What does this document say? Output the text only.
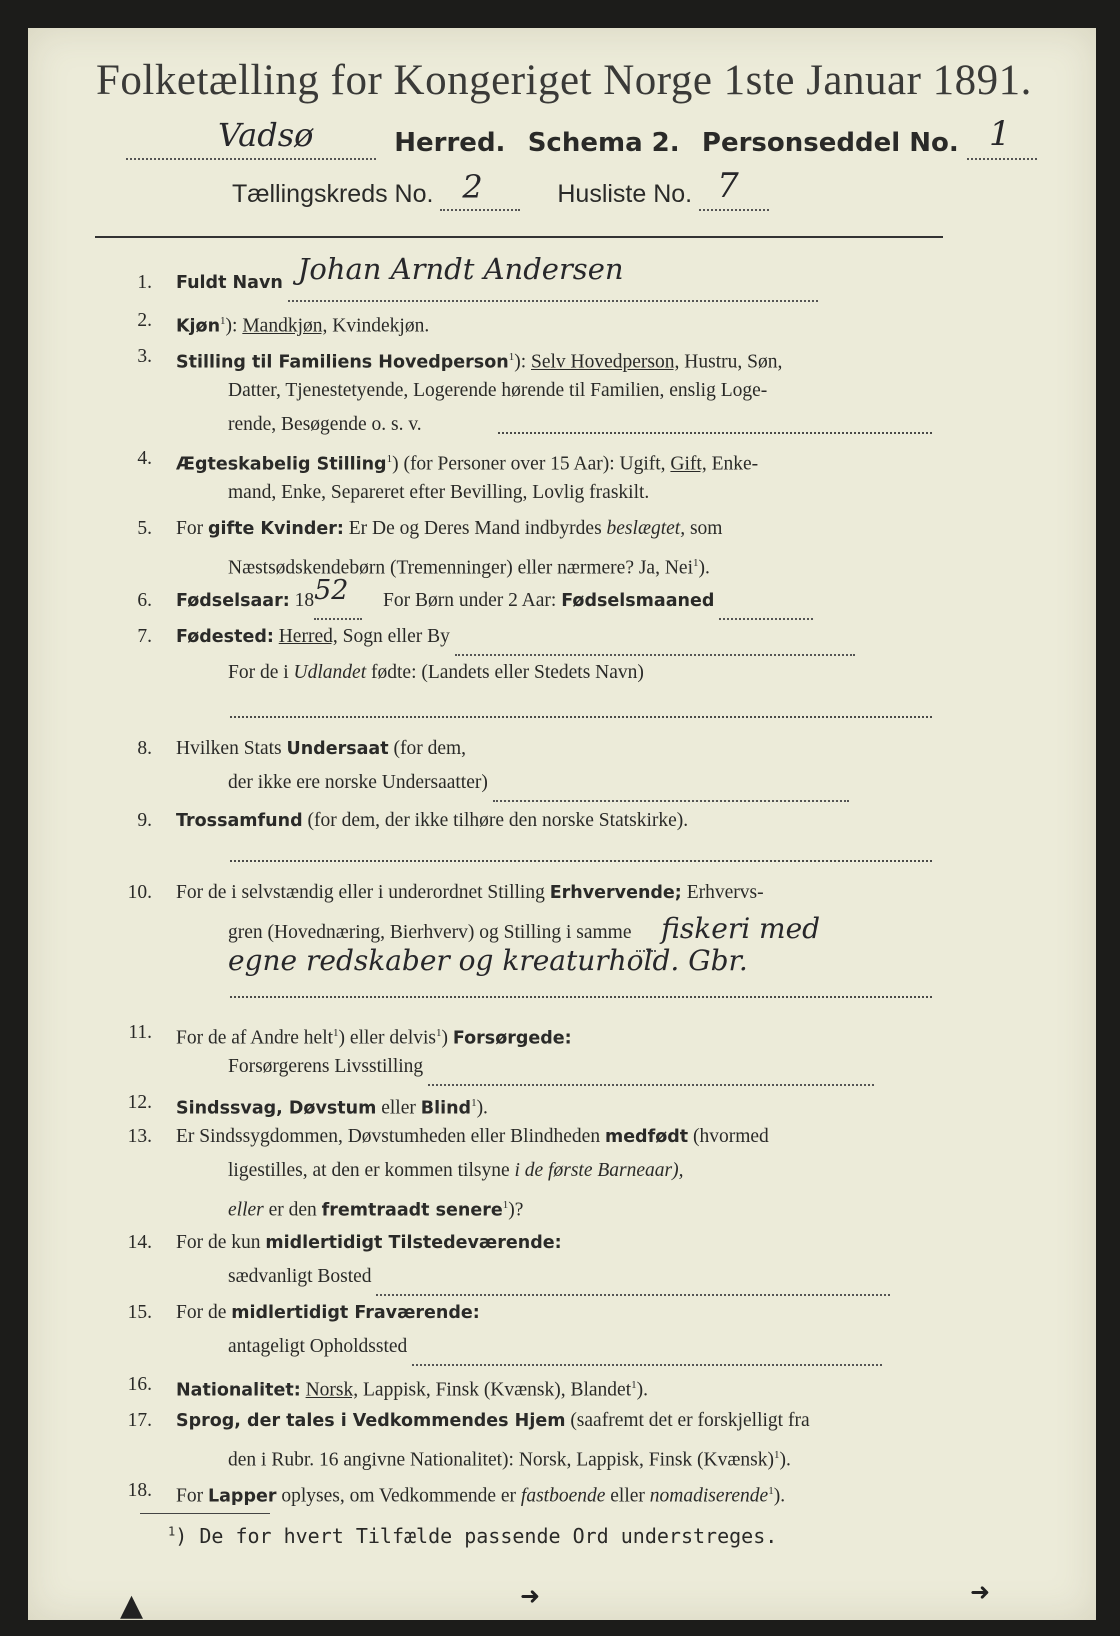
Folketælling for Kongeriget Norge 1ste Januar 1891.
Vadsø	Herred. Schema 2. Personseddel No. 1

Tællingskreds No. 2	Husliste No. 7

1. Fuldt Navn Johan Arndt Andersen

2. Kjøn$^1$): Mandkjøn, Kvindekjøn.
3. Stilling til Familiens Hovedperson$^1$): Selv Hovedperson, Hustru, Søn,
Datter, Tjenestetyende, Logerende hørende til Familien, enslig Loge-
rende, Besøgende o. s. v.
4. Ægteskabelig Stilling$^1$) (for Personer over 15 Aar): Ugift, Gift, Enke-
mand, Enke, Separeret efter Bevilling, Lovlig fraskilt.
5. For gifte Kvinder: Er De og Deres Mand indbyrdes beslægtet, som
Næstsødskendebørn (Tremenninger) eller nærmere? Ja, Nei$^1$).
6. Fødselsaar: 18 52 For Børn under 2 Aar: Fødselsmaaned
7. Fødested: Herred, Sogn eller By
For de i Udlandet fødte: (Landets eller Stedets Navn)
8. Hvilken Stats Undersaat (for dem,
der ikke ere norske Undersaatter)
9. Trossamfund (for dem, der ikke tilhøre den norske Statskirke).
10. For de i selvstændig eller i underordnet Stilling Erhvervende; Erhvervs-
gren (Hovednæring, Bierhverv) og Stilling i samme fiskeri med
egne redskaber og kreaturhold. Gbr.
11. For de af Andre helt$^1$) eller delvis$^1$) Forsørgede:
Forsørgerens Livsstilling
12. Sindssvag, Døvstum eller Blind$^1$).
13. Er Sindssygdommen, Døvstumheden eller Blindheden medfødt (hvormed
ligestilles, at den er kommen tilsyne i de første Barneaar),
eller er den fremtraadt senere$^1$)?
14. For de kun midlertidigt Tilstedeværende:
sædvanligt Bosted
15. For de midlertidigt Fraværende:
antageligt Opholdssted
16. Nationalitet: Norsk, Lappisk, Finsk (Kvænsk), Blandet$^1$).
17. Sprog, der tales i Vedkommendes Hjem (saafremt det er forskjelligt fra
den i Rubr. 16 angivne Nationalitet): Norsk, Lappisk, Finsk (Kvænsk)$^1$).
18. For Lapper oplyses, om Vedkommende er fastboende eller nomadiserende$^1$).
$^1$) De for hvert Tilfælde passende Ord understreges.
▲	➜	➜
